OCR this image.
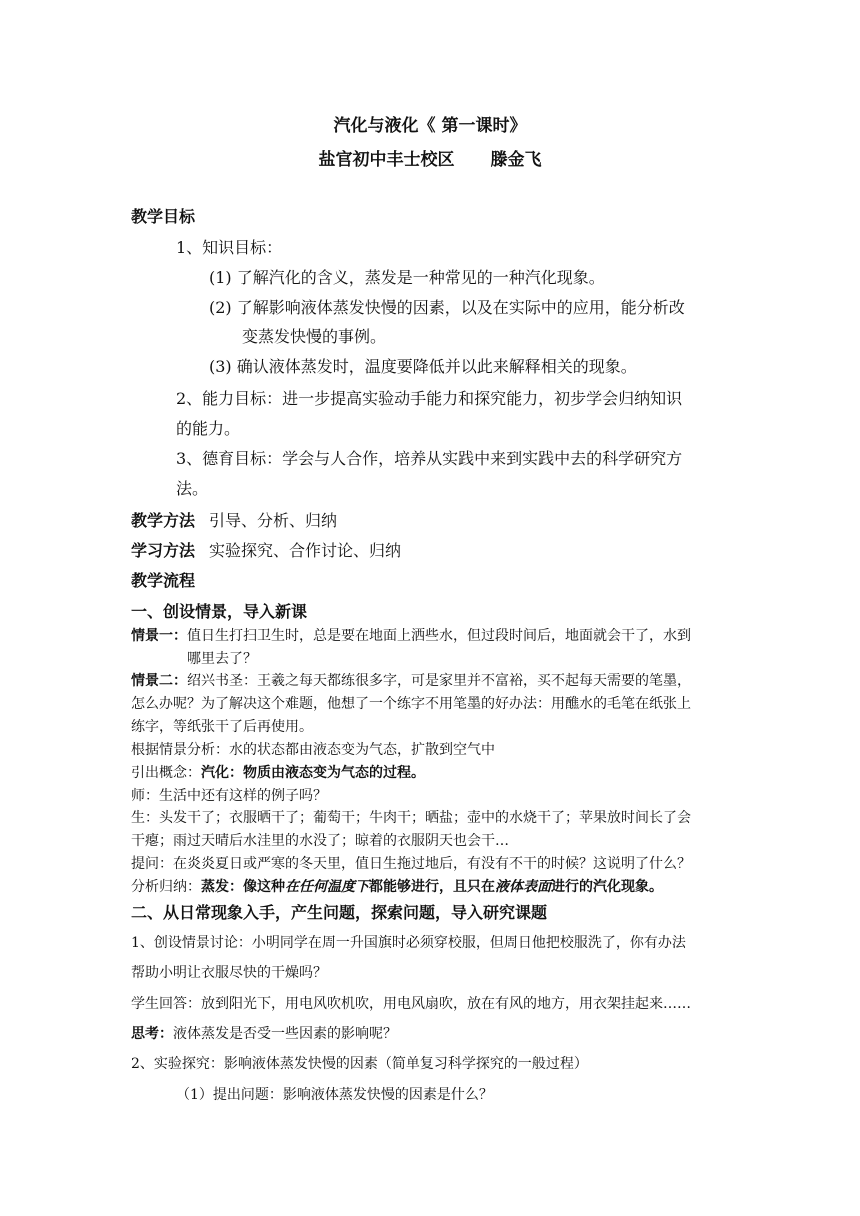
汽化与液化《 第一课时》
盐官初中丰士校区 滕金飞
教学目标
1、知识目标：
(1) 了解汽化的含义，蒸发是一种常见的一种汽化现象。
(2) 了解影响液体蒸发快慢的因素，以及在实际中的应用，能分析改
变蒸发快慢的事例。
(3) 确认液体蒸发时，温度要降低并以此来解释相关的现象。
2、能力目标：进一步提高实验动手能力和探究能力，初步学会归纳知识
的能力。
3、德育目标：学会与人合作，培养从实践中来到实践中去的科学研究方
法。
教学方法 引导、分析、归纳
学习方法 实验探究、合作讨论、归纳
教学流程
一、创设情景，导入新课
情景一：值日生打扫卫生时，总是要在地面上洒些水，但过段时间后，地面就会干了，水到
哪里去了？
情景二：绍兴书圣：王羲之每天都练很多字，可是家里并不富裕，买不起每天需要的笔墨，
怎么办呢？为了解决这个难题，他想了一个练字不用笔墨的好办法：用醮水的毛笔在纸张上
练字，等纸张干了后再使用。
根据情景分析：水的状态都由液态变为气态，扩散到空气中
引出概念：汽化：物质由液态变为气态的过程。
师：生活中还有这样的例子吗？
生：头发干了；衣服晒干了；葡萄干；牛肉干；晒盐；壶中的水烧干了；苹果放时间长了会
干瘪；雨过天晴后水洼里的水没了；晾着的衣服阴天也会干…
提问：在炎炎夏日或严寒的冬天里，值日生拖过地后，有没有不干的时候？这说明了什么？
分析归纳：蒸发：像这种在任何温度下都能够进行，且只在液体表面进行的汽化现象。
二、从日常现象入手，产生问题，探索问题，导入研究课题
1、创设情景讨论：小明同学在周一升国旗时必须穿校服，但周日他把校服洗了，你有办法
帮助小明让衣服尽快的干燥吗？
学生回答：放到阳光下，用电风吹机吹，用电风扇吹，放在有风的地方，用衣架挂起来……
思考：液体蒸发是否受一些因素的影响呢？
2、实验探究：影响液体蒸发快慢的因素（简单复习科学探究的一般过程）
（1）提出问题：影响液体蒸发快慢的因素是什么？
